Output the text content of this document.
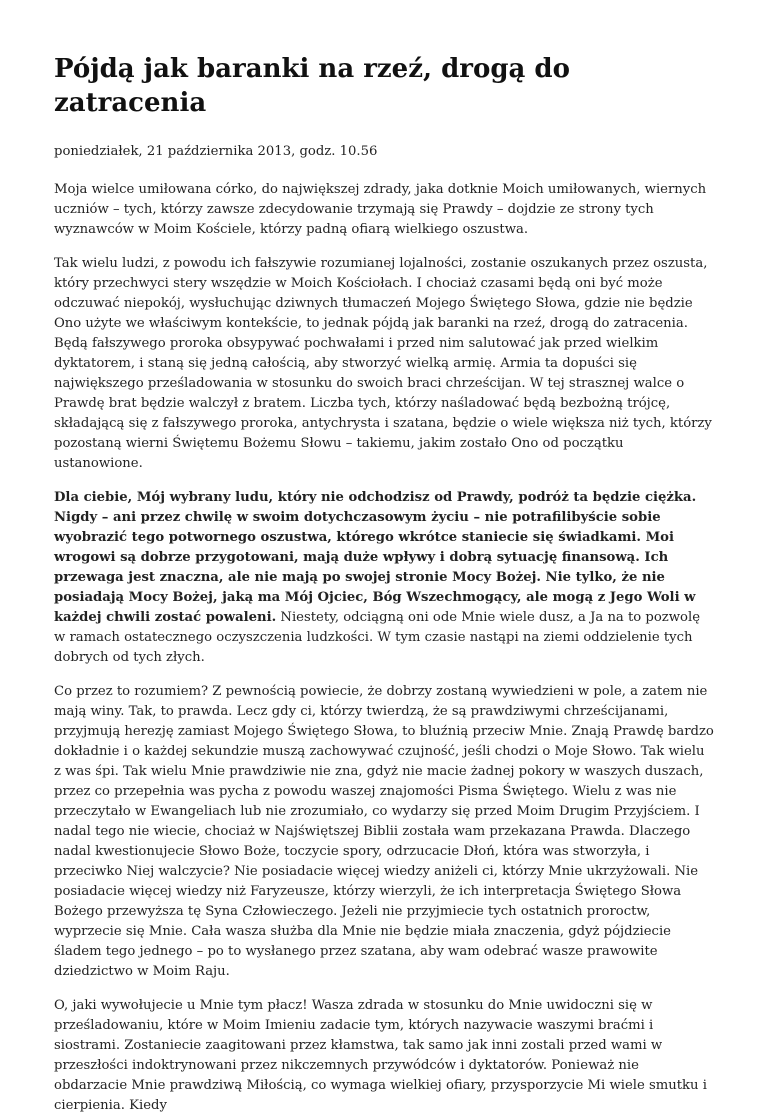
Pójdą jak baranki na rzeź, drogą do zatracenia
poniedziałek, 21 października 2013, godz. 10.56

Moja wielce umiłowana córko, do największej zdrady, jaka dotknie Moich umiłowanych, wiernych uczniów – tych, którzy zawsze zdecydowanie trzymają się Prawdy – dojdzie ze strony tych wyznawców w Moim Kościele, którzy padną ofiarą wielkiego oszustwa.

Tak wielu ludzi, z powodu ich fałszywie rozumianej lojalności, zostanie oszukanych przez oszusta, który przechwyci stery wszędzie w Moich Kościołach. I chociaż czasami będą oni być może odczuwać niepokój, wysłuchując dziwnych tłumaczeń Mojego Świętego Słowa, gdzie nie będzie Ono użyte we właściwym kontekście, to jednak pójdą jak baranki na rzeź, drogą do zatracenia. Będą fałszywego proroka obsypywać pochwałami i przed nim salutować jak przed wielkim dyktatorem, i staną się jedną całością, aby stworzyć wielką armię. Armia ta dopuści się największego prześladowania w stosunku do swoich braci chrześcijan. W tej strasznej walce o Prawdę brat będzie walczył z bratem. Liczba tych, którzy naśladować będą bezbożną trójcę, składającą się z fałszywego proroka, antychrysta i szatana, będzie o wiele większa niż tych, którzy pozostaną wierni Świętemu Bożemu Słowu – takiemu, jakim zostało Ono od początku ustanowione.

Dla ciebie, Mój wybrany ludu, który nie odchodzisz od Prawdy, podróż ta będzie ciężka. Nigdy – ani przez chwilę w swoim dotychczasowym życiu – nie potrafilibyście sobie wyobrazić tego potwornego oszustwa, którego wkrótce staniecie się świadkami. Moi wrogowi są dobrze przygotowani, mają duże wpływy i dobrą sytuację finansową. Ich przewaga jest znaczna, ale nie mają po swojej stronie Mocy Bożej. Nie tylko, że nie posiadają Mocy Bożej, jaką ma Mój Ojciec, Bóg Wszechmogący, ale mogą z Jego Woli w każdej chwili zostać powaleni. Niestety, odciągną oni ode Mnie wiele dusz, a Ja na to pozwolę w ramach ostatecznego oczyszczenia ludzkości. W tym czasie nastąpi na ziemi oddzielenie tych dobrych od tych złych.

Co przez to rozumiem? Z pewnością powiecie, że dobrzy zostaną wywiedzieni w pole, a zatem nie mają winy. Tak, to prawda. Lecz gdy ci, którzy twierdzą, że są prawdziwymi chrześcijanami, przyjmują herezję zamiast Mojego Świętego Słowa, to bluźnią przeciw Mnie. Znają Prawdę bardzo dokładnie i o każdej sekundzie muszą zachowywać czujność, jeśli chodzi o Moje Słowo. Tak wielu z was śpi. Tak wielu Mnie prawdziwie nie zna, gdyż nie macie żadnej pokory w waszych duszach, przez co przepełnia was pycha z powodu waszej znajomości Pisma Świętego. Wielu z was nie przeczytało w Ewangeliach lub nie zrozumiało, co wydarzy się przed Moim Drugim Przyjściem. I nadal tego nie wiecie, chociaż w Najświętszej Biblii została wam przekazana Prawda. Dlaczego nadal kwestionujecie Słowo Boże, toczycie spory, odrzucacie Dłoń, która was stworzyła, i przeciwko Niej walczycie? Nie posiadacie więcej wiedzy aniżeli ci, którzy Mnie ukrzyżowali. Nie posiadacie więcej wiedzy niż Faryzeusze, którzy wierzyli, że ich interpretacja Świętego Słowa Bożego przewyższa tę Syna Człowieczego. Jeżeli nie przyjmiecie tych ostatnich proroctw, wyprzecie się Mnie. Cała wasza służba dla Mnie nie będzie miała znaczenia, gdyż pójdziecie śladem tego jednego – po to wysłanego przez szatana, aby wam odebrać wasze prawowite dziedzictwo w Moim Raju.

O, jaki wywołujecie u Mnie tym płacz! Wasza zdrada w stosunku do Mnie uwidoczni się w prześladowaniu, które w Moim Imieniu zadacie tym, których nazywacie waszymi braćmi i siostrami. Zostaniecie zaagitowani przez kłamstwa, tak samo jak inni zostali przed wami w przeszłości indoktrynowani przez nikczemnych przywódców i dyktatorów. Ponieważ nie obdarzacie Mnie prawdziwą Miłością, co wymaga wielkiej ofiary, przysporzycie Mi wiele smutku i cierpienia. Kiedy
